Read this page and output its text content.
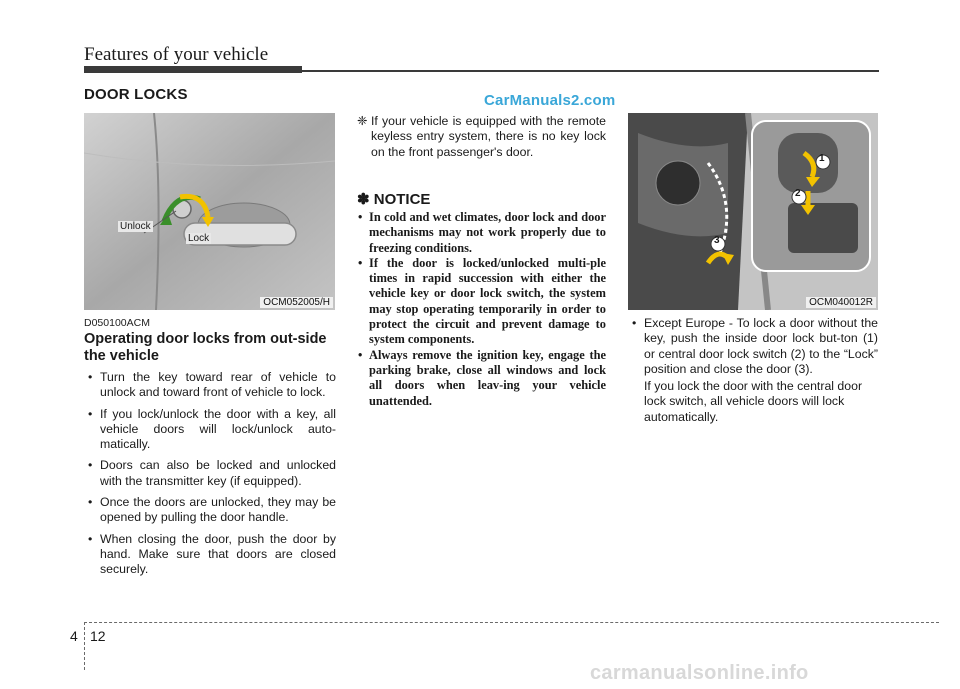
Features of your vehicle
DOOR LOCKS	CarManuals2.com
Unlock
Lock
OCM052005/H
1
2
3
OCM040012R
D050100ACM
Operating door locks from out-side the vehicle
• Turn the key toward rear of vehicle to unlock and toward front of vehicle to lock.
• If you lock/unlock the door with a key, all vehicle doors will lock/unlock auto-matically.
• Doors can also be locked and unlocked with the transmitter key (if equipped).
• Once the doors are unlocked, they may be opened by pulling the door handle.
• When closing the door, push the door by hand. Make sure that doors are closed securely.
❈ If your vehicle is equipped with the remote keyless entry system, there is no key lock on the front passenger's door.
✽ NOTICE
• In cold and wet climates, door lock and door mechanisms may not work properly due to freezing conditions.
• If the door is locked/unlocked multi-ple times in rapid succession with either the vehicle key or door lock switch, the system may stop operating temporarily in order to protect the circuit and prevent damage to system components.
• Always remove the ignition key, engage the parking brake, close all windows and lock all doors when leav-ing your vehicle unattended.
• Except Europe - To lock a door without the key, push the inside door lock but-ton (1) or central door lock switch (2) to the “Lock” position and close the door (3).

If you lock the door with the central door lock switch, all vehicle doors will lock automatically.

4 12
carmanualsonline.info
